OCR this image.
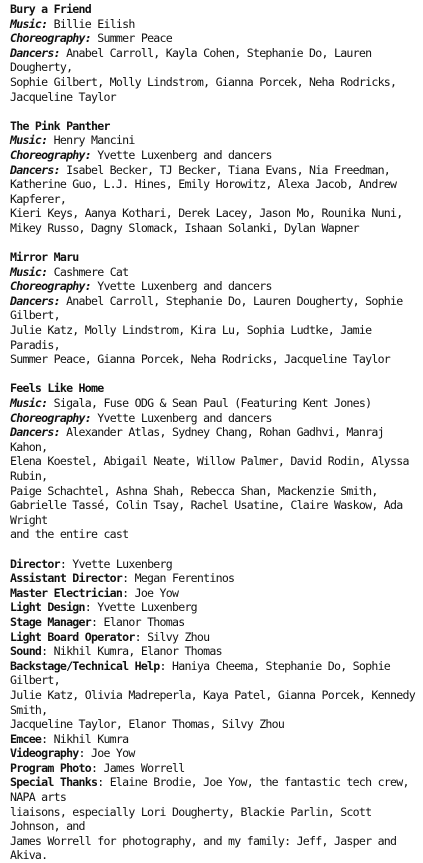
Bury a Friend
Music: Billie Eilish
Choreography: Summer Peace
Dancers: Anabel Carroll, Kayla Cohen, Stephanie Do, Lauren Dougherty,
Sophie Gilbert, Molly Lindstrom, Gianna Porcek, Neha Rodricks,
Jacqueline Taylor
The Pink Panther
Music: Henry Mancini
Choreography: Yvette Luxenberg and dancers
Dancers: Isabel Becker, TJ Becker, Tiana Evans, Nia Freedman,
Katherine Guo, L.J. Hines, Emily Horowitz, Alexa Jacob, Andrew Kapferer,
Kieri Keys, Aanya Kothari, Derek Lacey, Jason Mo, Rounika Nuni,
Mikey Russo, Dagny Slomack, Ishaan Solanki, Dylan Wapner
Mirror Maru
Music: Cashmere Cat
Choreography: Yvette Luxenberg and dancers
Dancers: Anabel Carroll, Stephanie Do, Lauren Dougherty, Sophie Gilbert,
Julie Katz, Molly Lindstrom, Kira Lu, Sophia Ludtke, Jamie Paradis,
Summer Peace, Gianna Porcek, Neha Rodricks, Jacqueline Taylor
Feels Like Home
Music: Sigala, Fuse ODG & Sean Paul (Featuring Kent Jones)
Choreography: Yvette Luxenberg and dancers
Dancers: Alexander Atlas, Sydney Chang, Rohan Gadhvi, Manraj Kahon,
Elena Koestel, Abigail Neate, Willow Palmer, David Rodin, Alyssa Rubin,
Paige Schachtel, Ashna Shah, Rebecca Shan, Mackenzie Smith,
Gabrielle Tassé, Colin Tsay, Rachel Usatine, Claire Waskow, Ada Wright
and the entire cast
Director: Yvette Luxenberg
Assistant Director: Megan Ferentinos
Master Electrician: Joe Yow
Light Design: Yvette Luxenberg
Stage Manager: Elanor Thomas
Light Board Operator: Silvy Zhou
Sound: Nikhil Kumra, Elanor Thomas
Backstage/Technical Help: Haniya Cheema, Stephanie Do, Sophie Gilbert,
Julie Katz, Olivia Madreperla, Kaya Patel, Gianna Porcek, Kennedy Smith,
Jacqueline Taylor, Elanor Thomas, Silvy Zhou
Emcee: Nikhil Kumra
Videography: Joe Yow
Program Photo: James Worrell
Special Thanks: Elaine Brodie, Joe Yow, the fantastic tech crew, NAPA arts
liaisons, especially Lori Dougherty, Blackie Parlin, Scott Johnson, and
James Worrell for photography, and my family: Jeff, Jasper and Akiva.
